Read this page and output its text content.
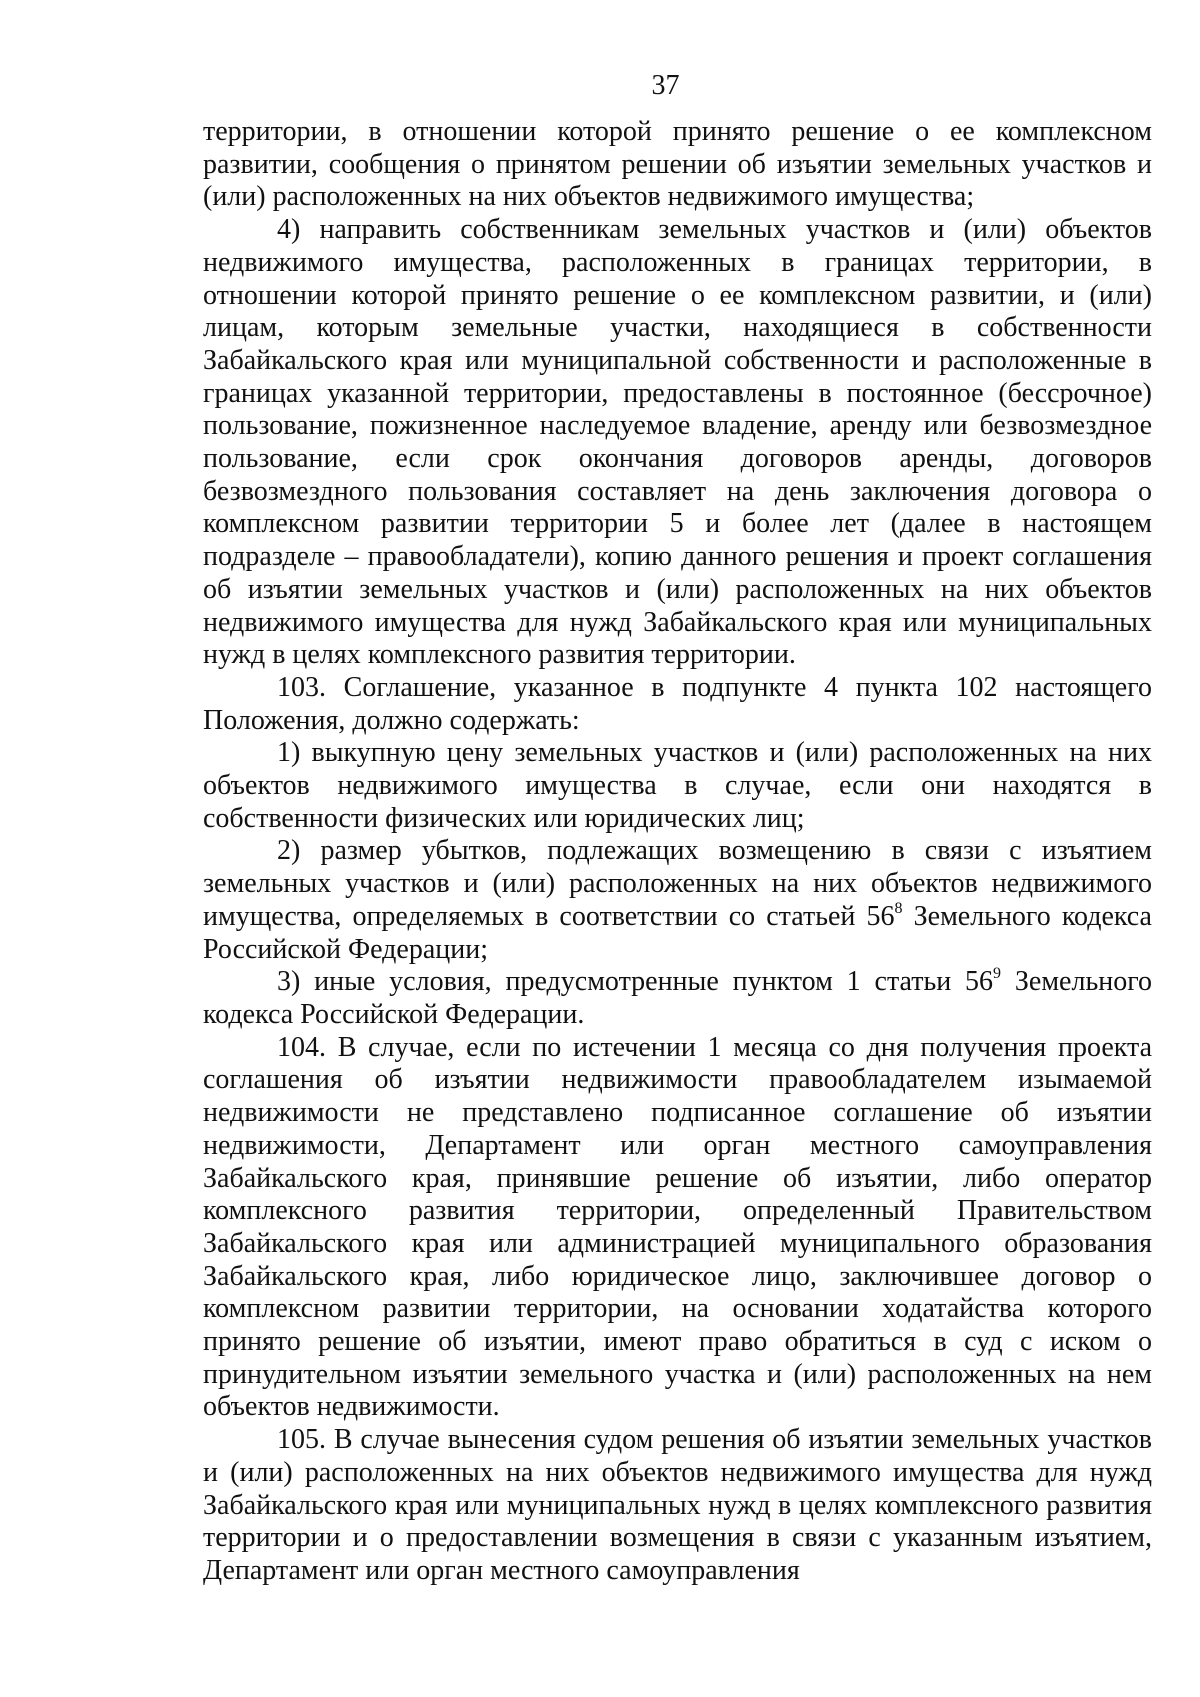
37

территории, в отношении которой принято решение о ее комплексном развитии, сообщения о принятом решении об изъятии земельных участков и (или) расположенных на них объектов недвижимого имущества;

4) направить собственникам земельных участков и (или) объектов недвижимого имущества, расположенных в границах территории, в отношении которой принято решение о ее комплексном развитии, и (или) лицам, которым земельные участки, находящиеся в собственности Забайкальского края или муниципальной собственности и расположенные в границах указанной территории, предоставлены в постоянное (бессрочное) пользование, пожизненное наследуемое владение, аренду или безвозмездное пользование, если срок окончания договоров аренды, договоров безвозмездного пользования составляет на день заключения договора о комплексном развитии территории 5 и более лет (далее в настоящем подразделе – правообладатели), копию данного решения и проект соглашения об изъятии земельных участков и (или) расположенных на них объектов недвижимого имущества для нужд Забайкальского края или муниципальных нужд в целях комплексного развития территории.

103. Соглашение, указанное в подпункте 4 пункта 102 настоящего Положения, должно содержать:

1) выкупную цену земельных участков и (или) расположенных на них объектов недвижимого имущества в случае, если они находятся в собственности физических или юридических лиц;

2) размер убытков, подлежащих возмещению в связи с изъятием земельных участков и (или) расположенных на них объектов недвижимого имущества, определяемых в соответствии со статьей $56^8$ Земельного кодекса Российской Федерации;

3) иные условия, предусмотренные пунктом 1 статьи $56^9$ Земельного кодекса Российской Федерации.

104. В случае, если по истечении 1 месяца со дня получения проекта соглашения об изъятии недвижимости правообладателем изымаемой недвижимости не представлено подписанное соглашение об изъятии недвижимости, Департамент или орган местного самоуправления Забайкальского края, принявшие решение об изъятии, либо оператор комплексного развития территории, определенный Правительством Забайкальского края или администрацией муниципального образования Забайкальского края, либо юридическое лицо, заключившее договор о комплексном развитии территории, на основании ходатайства которого принято решение об изъятии, имеют право обратиться в суд с иском о принудительном изъятии земельного участка и (или) расположенных на нем объектов недвижимости.

105. В случае вынесения судом решения об изъятии земельных участков и (или) расположенных на них объектов недвижимого имущества для нужд Забайкальского края или муниципальных нужд в целях комплексного развития территории и о предоставлении возмещения в связи с указанным изъятием, Департамент или орган местного самоуправления
